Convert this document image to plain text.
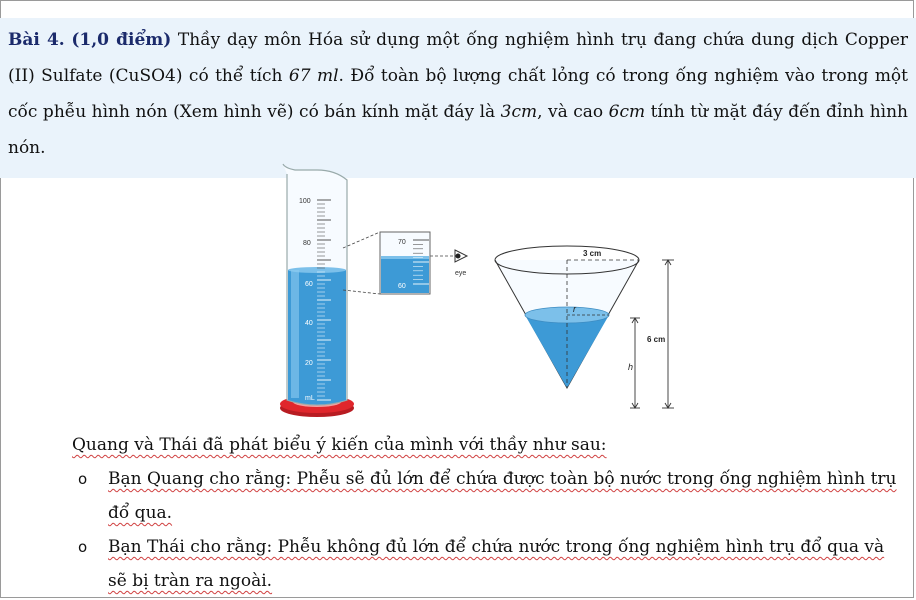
Bài 4. (1,0 điểm) Thầy dạy môn Hóa sử dụng một ống nghiệm hình trụ đang chứa dung dịch Copper (II) Sulfate (CuSO4) có thể tích 67 ml. Đổ toàn bộ lượng chất lỏng có trong ống nghiệm vào trong một cốc phễu hình nón (Xem hình vẽ) có bán kính mặt đáy là 3cm, và cao 6cm tính từ mặt đáy đến đỉnh hình nón.
100
80
60
40
20
mL
70
60
eye
3 cm
r
6 cm
h
Quang và Thái đã phát biểu ý kiến của mình với thầy như sau:
o Bạn Quang cho rằng: Phễu sẽ đủ lớn để chứa được toàn bộ nước trong ống nghiệm hình trụ
đổ qua.
o Bạn Thái cho rằng: Phễu không đủ lớn để chứa nước trong ống nghiệm hình trụ đổ qua và
sẽ bị tràn ra ngoài.
